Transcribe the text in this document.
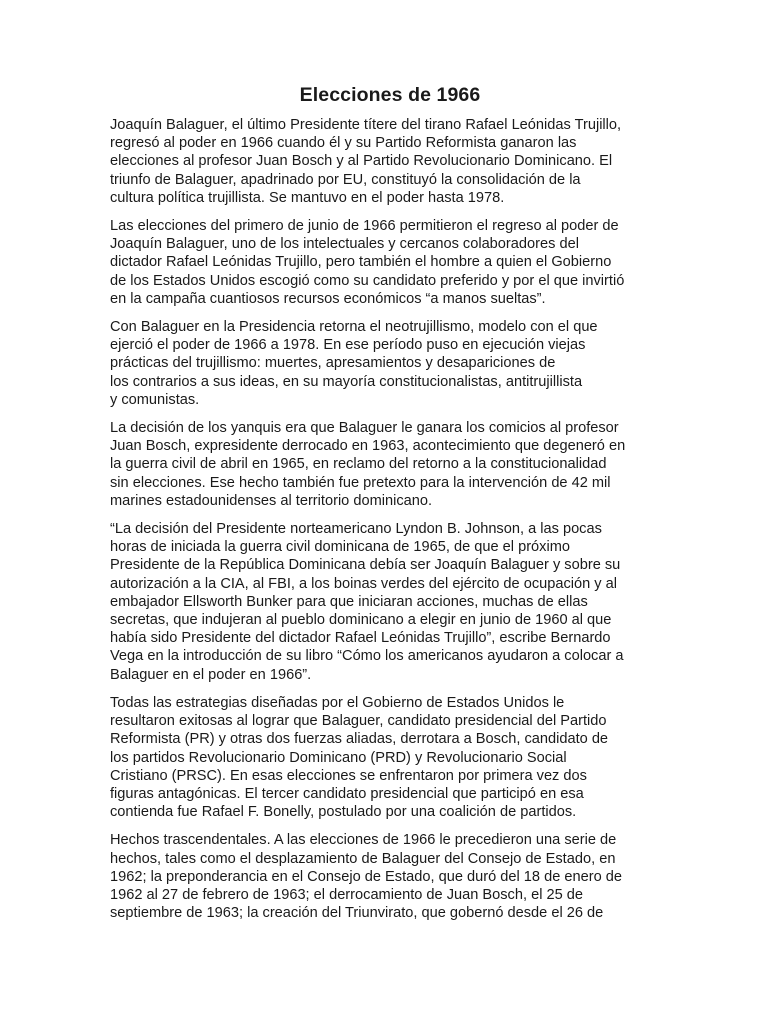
Elecciones de 1966

Joaquín Balaguer, el último Presidente títere del tirano Rafael Leónidas Trujillo,
regresó al poder en 1966 cuando él y su Partido Reformista ganaron las
elecciones al profesor Juan Bosch y al Partido Revolucionario Dominicano. El
triunfo de Balaguer, apadrinado por EU, constituyó la consolidación de la
cultura política trujillista. Se mantuvo en el poder hasta 1978.

Las elecciones del primero de junio de 1966 permitieron el regreso al poder de
Joaquín Balaguer, uno de los intelectuales y cercanos colaboradores del
dictador Rafael Leónidas Trujillo, pero también el hombre a quien el Gobierno
de los Estados Unidos escogió como su candidato preferido y por el que invirtió
en la campaña cuantiosos recursos económicos “a manos sueltas”.

Con Balaguer en la Presidencia retorna el neotrujillismo, modelo con el que
ejerció el poder de 1966 a 1978. En ese período puso en ejecución viejas
prácticas del trujillismo: muertes, apresamientos y desapariciones de
los contrarios a sus ideas, en su mayoría constitucionalistas, antitrujillista
y comunistas.

La decisión de los yanquis era que Balaguer le ganara los comicios al profesor
Juan Bosch, expresidente derrocado en 1963, acontecimiento que degeneró en
la guerra civil de abril en 1965, en reclamo del retorno a la constitucionalidad
sin elecciones. Ese hecho también fue pretexto para la intervención de 42 mil
marines estadounidenses al territorio dominicano.

“La decisión del Presidente norteamericano Lyndon B. Johnson, a las pocas
horas de iniciada la guerra civil dominicana de 1965, de que el próximo
Presidente de la República Dominicana debía ser Joaquín Balaguer y sobre su
autorización a la CIA, al FBI, a los boinas verdes del ejército de ocupación y al
embajador Ellsworth Bunker para que iniciaran acciones, muchas de ellas
secretas, que indujeran al pueblo dominicano a elegir en junio de 1960 al que
había sido Presidente del dictador Rafael Leónidas Trujillo”, escribe Bernardo
Vega en la introducción de su libro “Cómo los americanos ayudaron a colocar a
Balaguer en el poder en 1966”.

Todas las estrategias diseñadas por el Gobierno de Estados Unidos le
resultaron exitosas al lograr que Balaguer, candidato presidencial del Partido
Reformista (PR) y otras dos fuerzas aliadas, derrotara a Bosch, candidato de
los partidos Revolucionario Dominicano (PRD) y Revolucionario Social
Cristiano (PRSC). En esas elecciones se enfrentaron por primera vez dos
figuras antagónicas. El tercer candidato presidencial que participó en esa
contienda fue Rafael F. Bonelly, postulado por una coalición de partidos.

Hechos trascendentales. A las elecciones de 1966 le precedieron una serie de
hechos, tales como el desplazamiento de Balaguer del Consejo de Estado, en
1962; la preponderancia en el Consejo de Estado, que duró del 18 de enero de
1962 al 27 de febrero de 1963; el derrocamiento de Juan Bosch, el 25 de
septiembre de 1963; la creación del Triunvirato, que gobernó desde el 26 de
